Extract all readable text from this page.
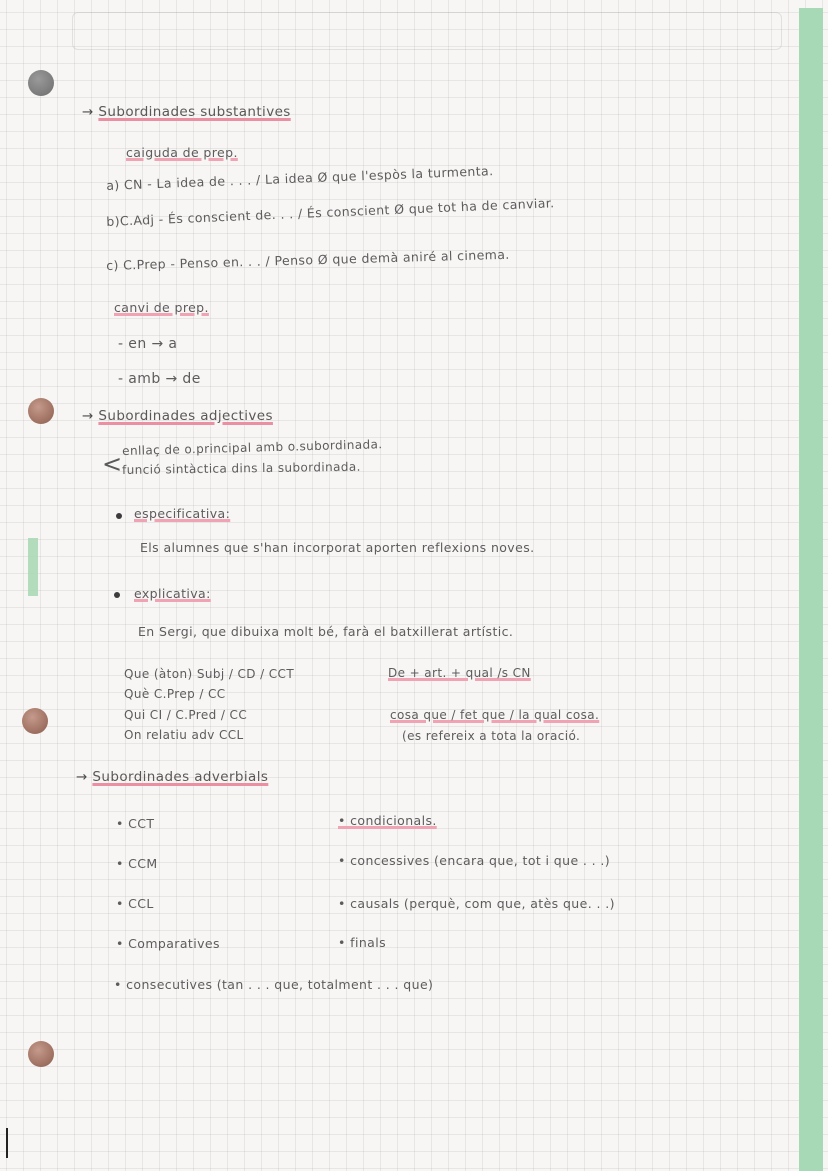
→ Subordinades substantives
caiguda de prep.
a) CN - La idea de . . . / La idea Ø que l'espòs la turmenta.
b)C.Adj - És conscient de. . . / És conscient Ø que tot ha de canviar.
c) C.Prep - Penso en. . . / Penso Ø que demà aniré al cinema.
canvi de prep.
- en → a
- amb → de
→ Subordinades adjectives
<
enllaç de o.principal amb o.subordinada.
funció sintàctica dins la subordinada.
especificativa:
Els alumnes que s'han incorporat aporten reflexions noves.
explicativa:
En Sergi, que dibuixa molt bé, farà el batxillerat artístic.
Que (àton) Subj / CD / CCT
Què C.Prep / CC
Qui CI / C.Pred / CC
On relatiu adv CCL
De + art. + qual /s CN
cosa que / fet que / la qual cosa.
(es refereix a tota la oració.
→ Subordinades adverbials
• CCT
• CCM
• CCL
• Comparatives
• condicionals.
• concessives (encara que, tot i que . . .)
• causals (perquè, com que, atès que. . .)
• finals
• consecutives (tan . . . que, totalment . . . que)
